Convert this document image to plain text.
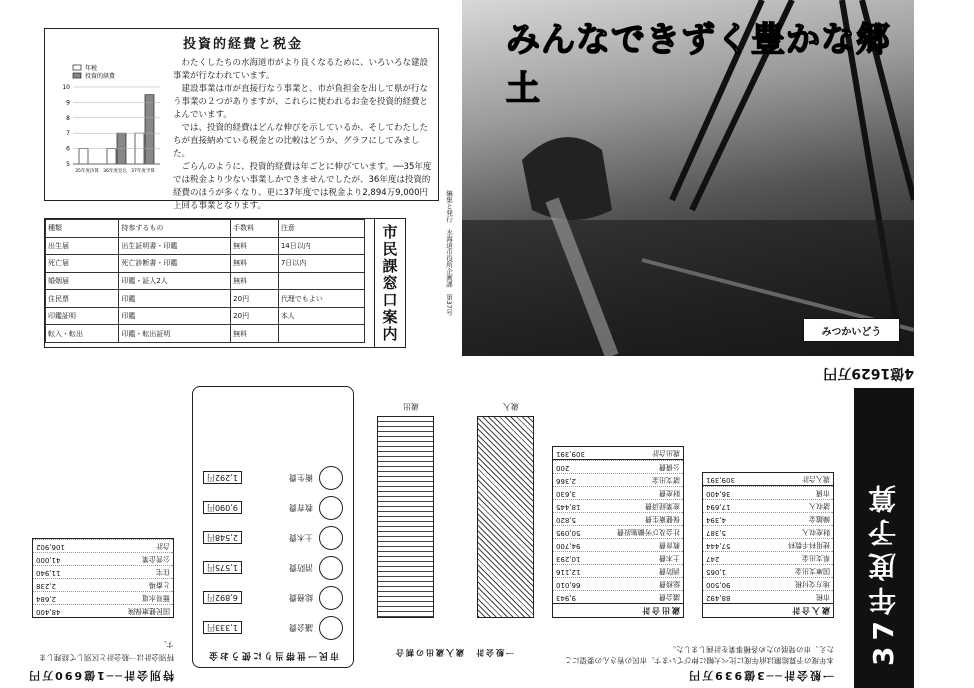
投資的経費と税金
35年度決算 36年度見込 37年度予算
10
9
8
7
6
5
年税
投資的経費

わたくしたちの水海道市がより良くなるために、いろいろな建設事業が行なわれています。

建設事業は市が直接行なう事業と、市が負担金を出して県が行なう事業の２つがありますが、これらに使われるお金を投資的経費とよんでいます。

では、投資的経費はどんな伸びを示しているか、そしてわたしたちが直接納めている税金との比較はどうか、グラフにしてみました。

ごらんのように、投資的経費は年ごとに伸びています。──35年度では税金より少ない事業しかできませんでしたが、36年度は投資的経費のほうが多くなり、更に37年度では税金より2,894万9,000円上回る事業となります。

種類	持参するもの	手数料	注意
出生届	出生証明書・印鑑	無料	14日以内
死亡届	死亡診断書・印鑑	無料	7日以内
婚姻届	印鑑・証人2人	無料	
住民票	印鑑	20円	代理でもよい
印鑑証明	印鑑	20円	本人
転入・転出	印鑑・転出証明	無料		市民課窓口案内	編集と発行　水海道市役所企画課　第37号
みんなできずく豊かな郷土
みつかいどう
37年度予算
4億1629万円
一般会計──3億939万円
本年度の予算総額は前年度に比べ大幅に伸びています。市民の皆さんの要望にこたえ、市の発展のため各種事業を計画しました。
歳入合計
市税
88,492
地方交付税
90,500
国庫支出金
1,065
県支出金
247
使用料手数料
57,444
財産収入
5,387
繰越金
4,394
諸収入
17,694
市債
36,400
歳入合計
309,391
歳出合計
議会費
9,943
総務費
66,010
消防費
12,116
土木費
10,293
教育費
94,700
社会及び労働施設費
50,095
保健衛生費
5,820
産業経済費
18,445
財産費
3,630
諸支出金
2,366
公債費
200
歳出合計
309,391
一般会計　歳入歳出の割合
歳入
歳出
市民一世帯当りに使うお金
議会費
1,333円
総務費
6,892円
消防費
1,575円
土木費
2,548円
教育費
9,090円
衛生費
1,292円
特別会計──1億690万円
特別会計は一般会計と区別して経理します。
国民健康保険
48,400
簡易水道
2,684
と畜場
2,238
住宅
11,940
公営企業
41,000
合計
106,902
